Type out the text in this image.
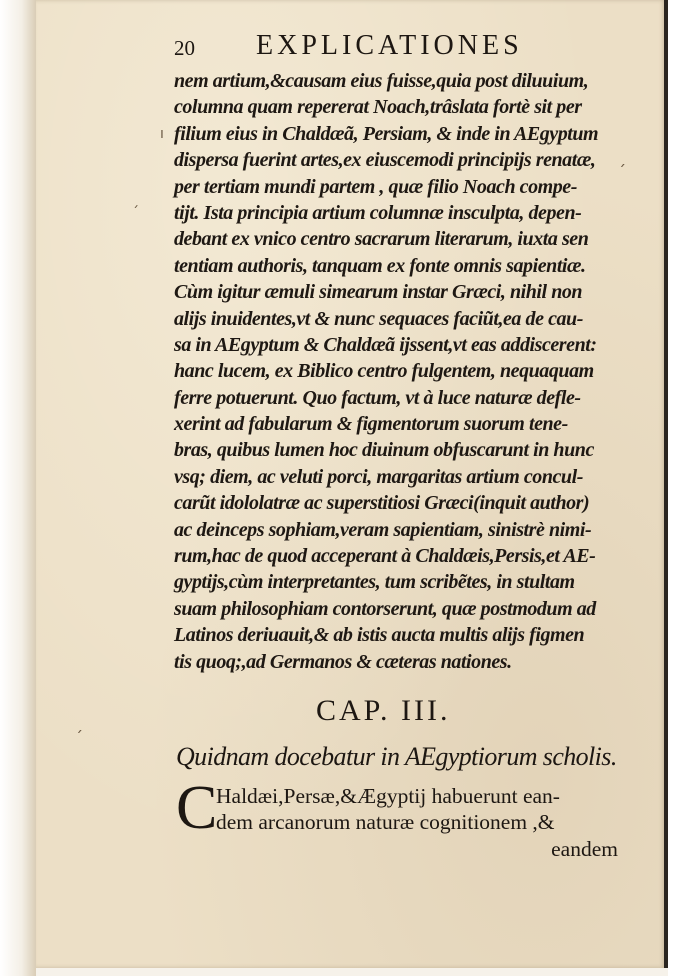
20 EXPLICATIONES
nem artium,&causam eius fuisse,quia post diluuium,
columna quam repererat Noach,trâslata fortè sit per
filium eius in Chaldæã, Persiam, & inde in AEgyptum
dispersa fuerint artes,ex eiuscemodi principijs renatæ,
per tertiam mundi partem , quæ filio Noach compe-
tijt. Ista principia artium columnæ insculpta, depen-
debant ex vnico centro sacrarum literarum, iuxta sen
tentiam authoris, tanquam ex fonte omnis sapientiæ.
Cùm igitur æmuli simearum instar Græci, nihil non
alijs inuidentes,vt & nunc sequaces faciũt,ea de cau-
sa in AEgyptum & Chaldæã ijssent,vt eas addiscerent:
hanc lucem, ex Biblico centro fulgentem, nequaquam
ferre potuerunt. Quo factum, vt à luce naturæ defle-
xerint ad fabularum & figmentorum suorum tene-
bras, quibus lumen hoc diuinum obfuscarunt in hunc
vsq; diem, ac veluti porci, margaritas artium concul-
carũt idololatræ ac superstitiosi Græci(inquit author)
ac deinceps sophiam,veram sapientiam, sinistrè nimi-
rum,hac de quod acceperant à Chaldæis,Persis,et AE-
gyptijs,cùm interpretantes, tum scribẽtes, in stultam
suam philosophiam contorserunt, quæ postmodum ad
Latinos deriuauit,& ab istis aucta multis alijs figmen
tis quoq;,ad Germanos & cæteras nationes.
CAP. III.
Quidnam docebatur in AEgyptiorum scholis.
C
Haldæi,Persæ,&Ægyptij habuerunt ean-
dem arcanorum naturæ cognitionem ,&
eandem
ˊ
ı
ˏ
ˊ
